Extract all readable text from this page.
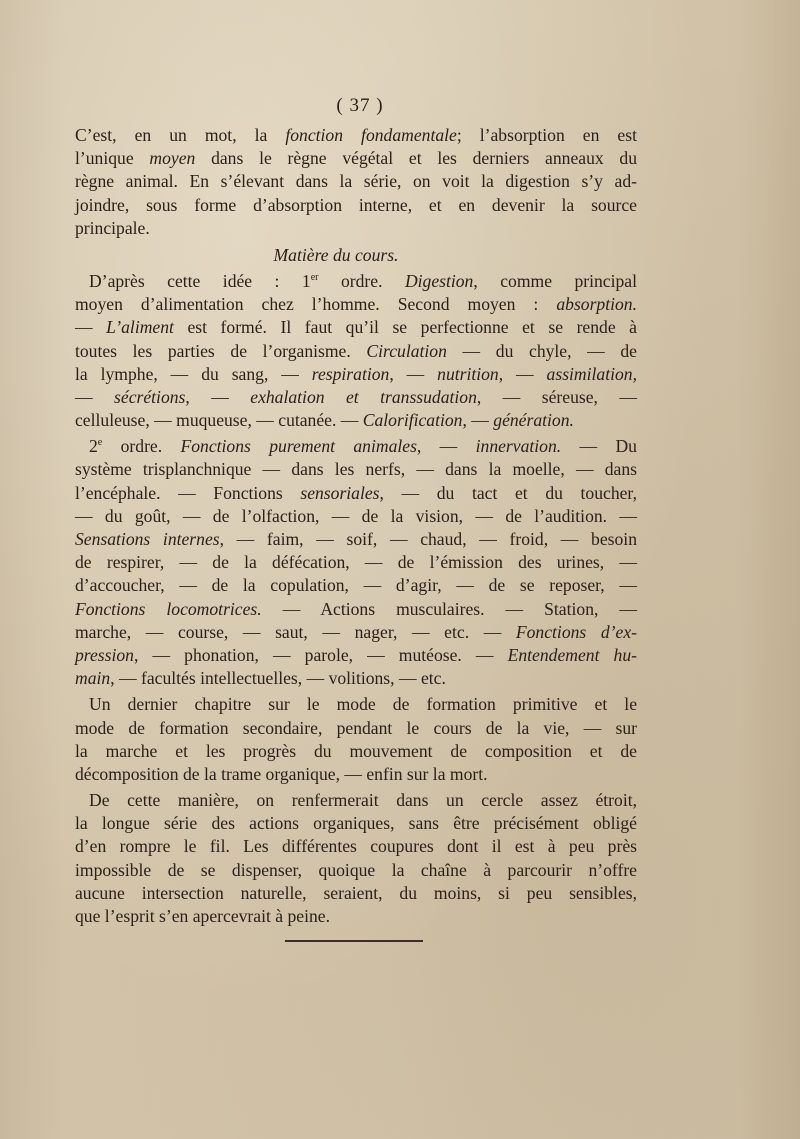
( 37 )
C’est, en un mot, la fonction fondamentale; l’absorption en est
l’unique moyen dans le règne végétal et les derniers anneaux du
règne animal. En s’élevant dans la série, on voit la digestion s’y ad-
joindre, sous forme d’absorption interne, et en devenir la source
principale.
Matière du cours.
D’après cette idée : 1er ordre. Digestion, comme principal
moyen d’alimentation chez l’homme. Second moyen : absorption.
— L’aliment est formé. Il faut qu’il se perfectionne et se rende à
toutes les parties de l’organisme. Circulation — du chyle, — de
la lymphe, — du sang, — respiration, — nutrition, — assimilation,
— sécrétions, — exhalation et transsudation, — séreuse, —
celluleuse, — muqueuse, — cutanée. — Calorification, — génération.
2e ordre. Fonctions purement animales, — innervation. — Du
système trisplanchnique — dans les nerfs, — dans la moelle, — dans
l’encéphale. — Fonctions sensoriales, — du tact et du toucher,
— du goût, — de l’olfaction, — de la vision, — de l’audition. —
Sensations internes, — faim, — soif, — chaud, — froid, — besoin
de respirer, — de la défécation, — de l’émission des urines, —
d’accoucher, — de la copulation, — d’agir, — de se reposer, —
Fonctions locomotrices. — Actions musculaires. — Station, —
marche, — course, — saut, — nager, — etc. — Fonctions d’ex-
pression, — phonation, — parole, — mutéose. — Entendement hu-
main, — facultés intellectuelles, — volitions, — etc.
Un dernier chapitre sur le mode de formation primitive et le
mode de formation secondaire, pendant le cours de la vie, — sur
la marche et les progrès du mouvement de composition et de
décomposition de la trame organique, — enfin sur la mort.
De cette manière, on renfermerait dans un cercle assez étroit,
la longue série des actions organiques, sans être précisément obligé
d’en rompre le fil. Les différentes coupures dont il est à peu près
impossible de se dispenser, quoique la chaîne à parcourir n’offre
aucune intersection naturelle, seraient, du moins, si peu sensibles,
que l’esprit s’en apercevrait à peine.
